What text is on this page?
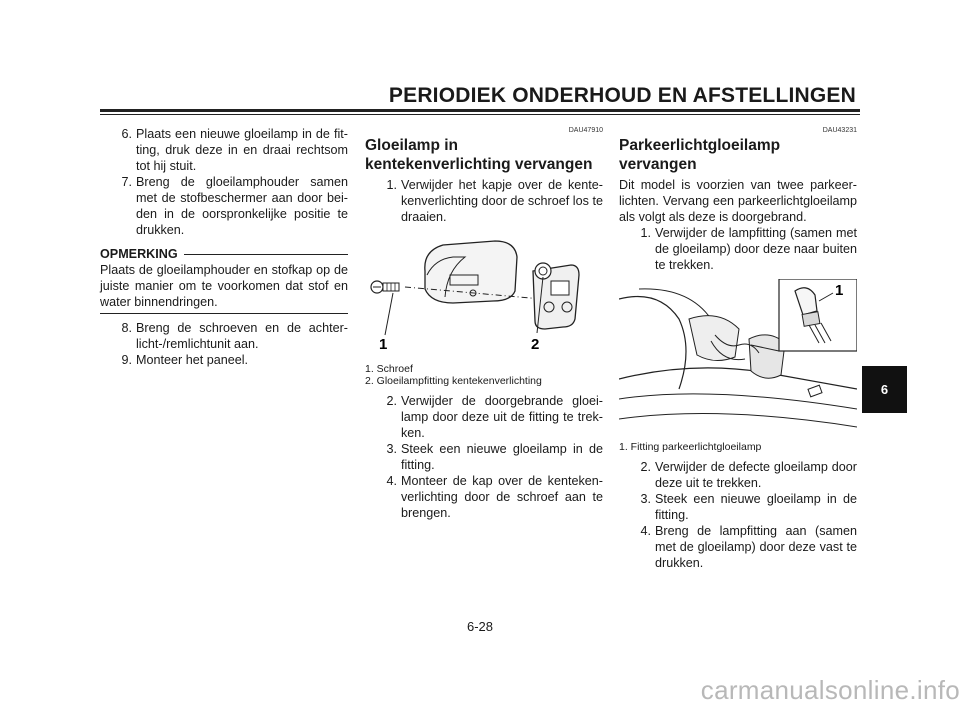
PERIODIEK ONDERHOUD EN AFSTELLINGEN
6
6. Plaats een nieuwe gloeilamp in de fitting, druk deze in en draai rechtsom tot hij stuit.
7. Breng de gloeilamphouder samen met de stofbeschermer aan door beiden in de oorspronkelijke positie te drukken.
OPMERKING
Plaats de gloeilamphouder en stofkap op de juiste manier om te voorkomen dat stof en water binnendringen.
8. Breng de schroeven en de achterlicht-/remlichtunit aan.
9. Monteer het paneel.
DAU47910
Gloeilamp in kentekenverlichting vervangen
1. Verwijder het kapje over de kentekenverlichting door de schroef los te draaien.
1	2
1. Schroef
2. Gloeilampfitting kentekenverlichting
2. Verwijder de doorgebrande gloeilamp door deze uit de fitting te trekken.
3. Steek een nieuwe gloeilamp in de fitting.
4. Monteer de kap over de kentekenverlichting door de schroef aan te brengen.
DAU43231
Parkeerlichtgloeilamp vervangen
Dit model is voorzien van twee parkeerlichten. Vervang een parkeerlichtgloeilamp als volgt als deze is doorgebrand.
1. Verwijder de lampfitting (samen met de gloeilamp) door deze naar buiten te trekken.
1
1. Fitting parkeerlichtgloeilamp
2. Verwijder de defecte gloeilamp door deze uit te trekken.
3. Steek een nieuwe gloeilamp in de fitting.
4. Breng de lampfitting aan (samen met de gloeilamp) door deze vast te drukken.
6-28
carmanualsonline.info
